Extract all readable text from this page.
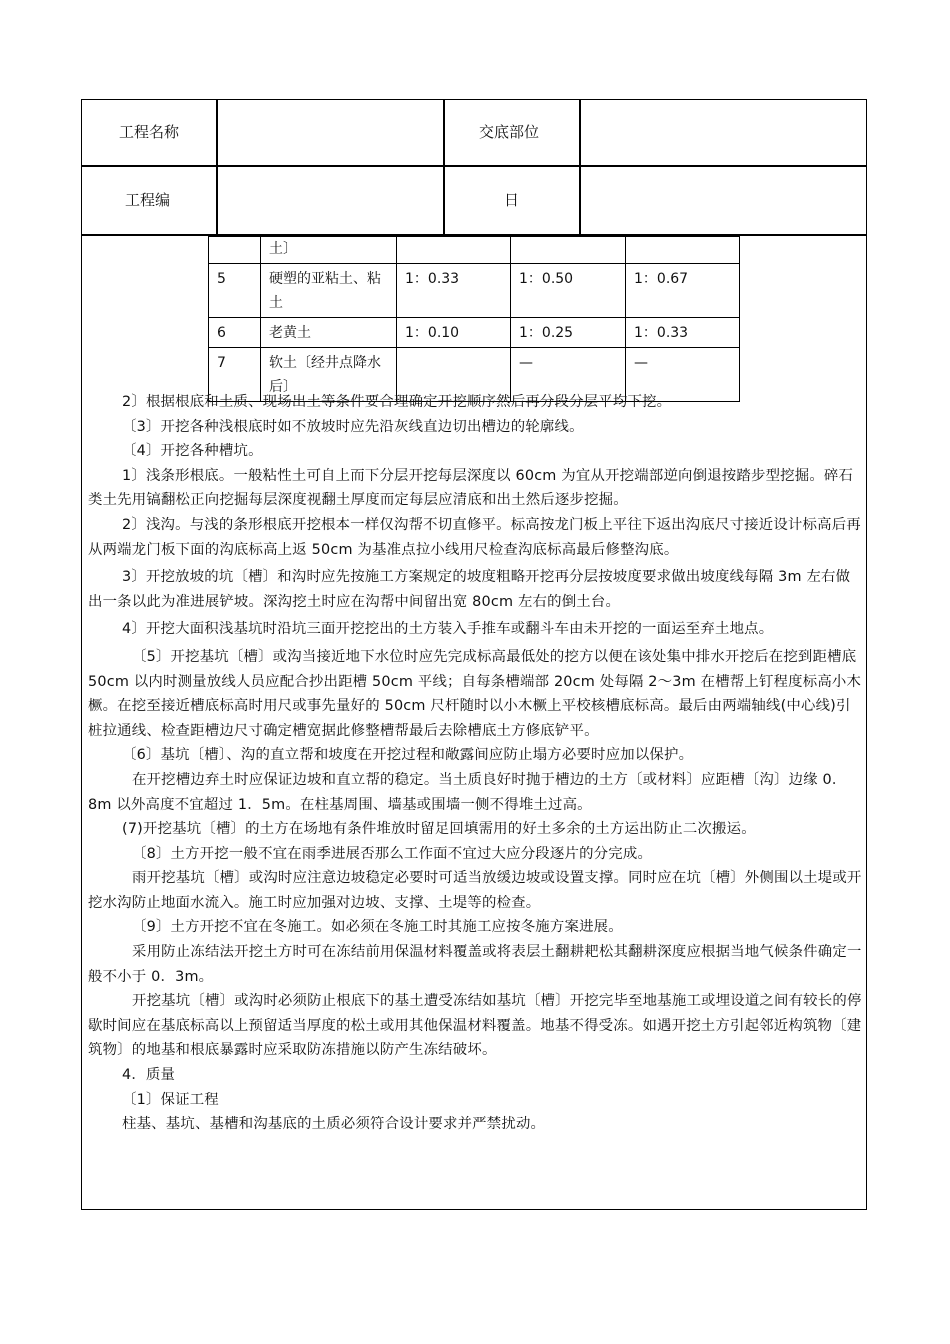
工程名称	交底部位
工程编	日
	土〕			
5	硬塑的亚粘土、粘土	1：0.33	1：0.50	1：0.67
6	老黄土	1：0.10	1：0.25	1：0.33
7	软土〔经井点降水后〕		—	—

2〕根据根底和土质、现场出土等条件要合理确定开挖顺序然后再分段分层平均下挖。

〔3〕开挖各种浅根底时如不放坡时应先沿灰线直边切出槽边的轮廓线。

〔4〕开挖各种槽坑。

1〕浅条形根底。一般粘性土可自上而下分层开挖每层深度以 60cm 为宜从开挖端部逆向倒退按踏步型挖掘。碎石类土先用镐翻松正向挖掘每层深度视翻土厚度而定每层应清底和出土然后逐步挖掘。

2〕浅沟。与浅的条形根底开挖根本一样仅沟帮不切直修平。标高按龙门板上平往下返出沟底尺寸接近设计标高后再从两端龙门板下面的沟底标高上返 50cm 为基准点拉小线用尺检查沟底标高最后修整沟底。

3〕开挖放坡的坑〔槽〕和沟时应先按施工方案规定的坡度粗略开挖再分层按坡度要求做出坡度线每隔 3m 左右做出一条以此为准进展铲坡。深沟挖土时应在沟帮中间留出宽 80cm 左右的倒土台。

4〕开挖大面积浅基坑时沿坑三面开挖挖出的土方装入手推车或翻斗车由未开挖的一面运至弃土地点。

〔5〕开挖基坑〔槽〕或沟当接近地下水位时应先完成标高最低处的挖方以便在该处集中排水开挖后在挖到距槽底 50cm 以内时测量放线人员应配合抄出距槽 50cm 平线；自每条槽端部 20cm 处每隔 2～3m 在槽帮上钉程度标高小木橛。在挖至接近槽底标高时用尺或事先量好的 50cm 尺杆随时以小木橛上平校核槽底标高。最后由两端轴线(中心线)引桩拉通线、检查距槽边尺寸确定槽宽据此修整槽帮最后去除槽底土方修底铲平。

〔6〕基坑〔槽〕、沟的直立帮和坡度在开挖过程和敞露间应防止塌方必要时应加以保护。

在开挖槽边弃土时应保证边坡和直立帮的稳定。当土质良好时抛于槽边的土方〔或材料〕应距槽〔沟〕边缘 0．8m 以外高度不宜超过 1．5m。在柱基周围、墙基或围墙一侧不得堆土过高。

(7)开挖基坑〔槽〕的土方在场地有条件堆放时留足回填需用的好土多余的土方运出防止二次搬运。

〔8〕土方开挖一般不宜在雨季进展否那么工作面不宜过大应分段逐片的分完成。

雨开挖基坑〔槽〕或沟时应注意边坡稳定必要时可适当放缓边坡或设置支撑。同时应在坑〔槽〕外侧围以土堤或开挖水沟防止地面水流入。施工时应加强对边坡、支撑、土堤等的检查。

〔9〕土方开挖不宜在冬施工。如必须在冬施工时其施工应按冬施方案进展。

采用防止冻结法开挖土方时可在冻结前用保温材料覆盖或将表层土翻耕耙松其翻耕深度应根据当地气候条件确定一般不小于 0．3m。

开挖基坑〔槽〕或沟时必须防止根底下的基土遭受冻结如基坑〔槽〕开挖完毕至地基施工或埋设道之间有较长的停歇时间应在基底标高以上预留适当厚度的松土或用其他保温材料覆盖。地基不得受冻。如遇开挖土方引起邻近构筑物〔建筑物〕的地基和根底暴露时应采取防冻措施以防产生冻结破坏。

4．质量

〔1〕保证工程

柱基、基坑、基槽和沟基底的土质必须符合设计要求并严禁扰动。
